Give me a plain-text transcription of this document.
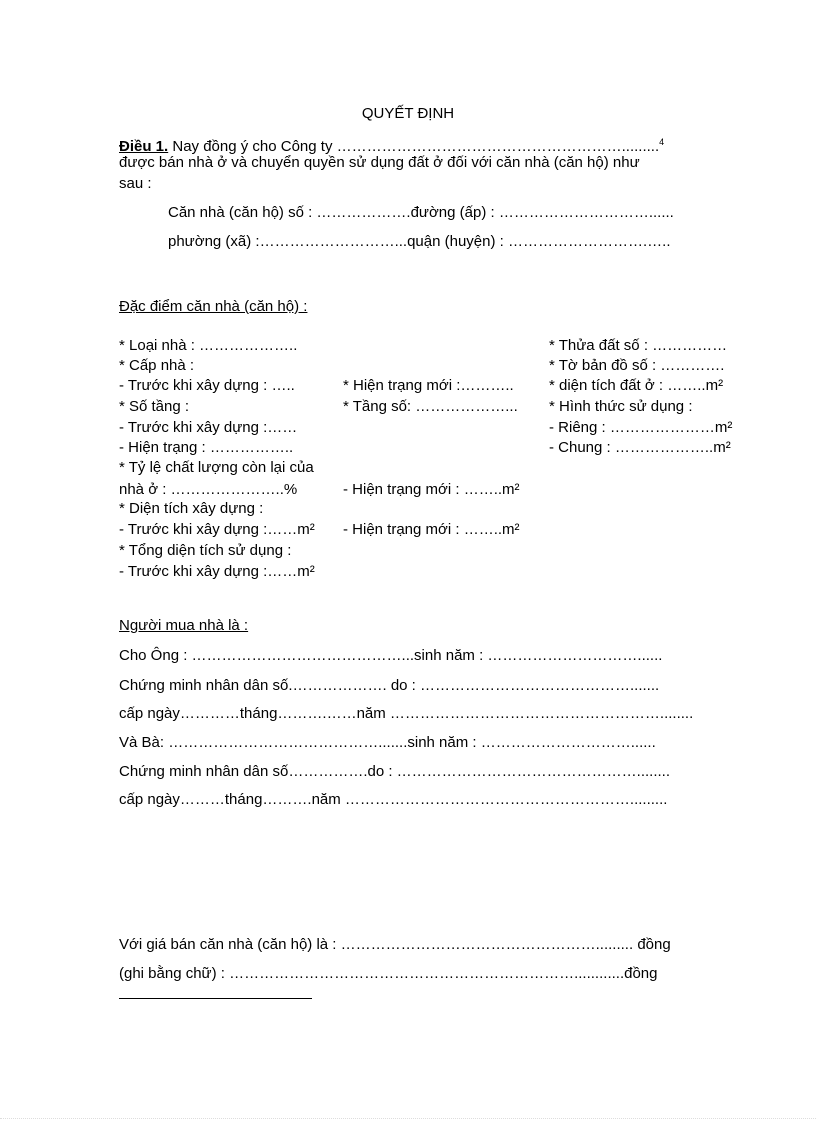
QUYẾT ĐỊNH
Điều 1. Nay đồng ý cho Công ty ………………………………………………….........$^4$
được bán nhà ở và chuyển quyền sử dụng đất ở đối với căn nhà (căn hộ) như
sau :
Căn nhà (căn hộ) số : ……………….đường (ấp) : …………………………......
phường (xã) :………………………...quận (huyện) : ……………………….…..
Đặc điểm căn nhà (căn hộ) :
* Loại nhà : ………………..
* Cấp nhà :
- Trước khi xây dựng : …..
* Số tầng :
- Trước khi xây dựng :……
- Hiện trạng : ……………..
* Tỷ lệ chất lượng còn lại của
nhà ở : …………………..%
* Diện tích xây dựng :
- Trước khi xây dựng :……m²
* Tổng diện tích sử dụng :
- Trước khi xây dựng :……m²
* Hiện trạng mới :………..
* Tầng số: ………………...
- Hiện trạng mới : ……..m²
- Hiện trạng mới : ……..m²
* Thửa đất số : ……………
* Tờ bản đồ số : ………….
* diện tích đất ở : ……..m²
* Hình thức sử dụng :
- Riêng : …………………m²
- Chung : ………………..m²
Người mua nhà là :
Cho Ông : ……………………………………...sinh năm : …………………………......
Chứng minh nhân dân số.………………. do : …………………………………….......
cấp ngày…………tháng……….……năm ………………………………………………........
Và Bà: …………………………………….......sinh năm : …………………………......
Chứng minh nhân dân số…………….do : …………………………………………........
cấp ngày………tháng……….năm ………………………………………………….........
Với giá bán căn nhà (căn hộ) là : ……………………………………………......... đồng
(ghi bằng chữ) : ……………………………………………………………............đồng
